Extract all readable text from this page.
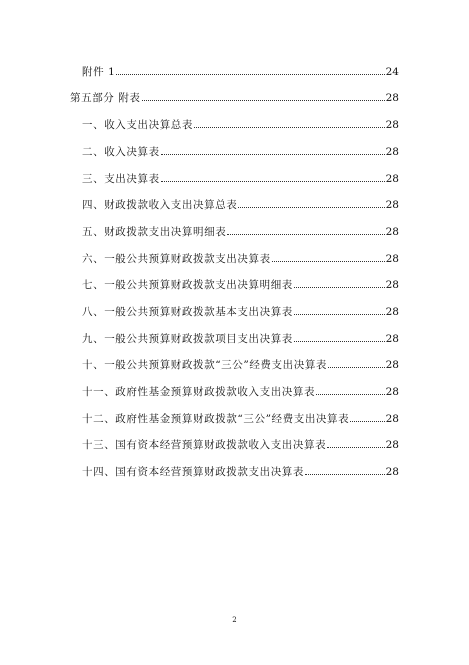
附件 1	24
第五部分 附表	28
一、收入支出决算总表	28
二、收入决算表	28
三、支出决算表	28
四、财政拨款收入支出决算总表	28
五、财政拨款支出决算明细表	28
六、一般公共预算财政拨款支出决算表	28
七、一般公共预算财政拨款支出决算明细表	28
八、一般公共预算财政拨款基本支出决算表	28
九、一般公共预算财政拨款项目支出决算表	28
十、一般公共预算财政拨款“三公”经费支出决算表	28
十一、政府性基金预算财政拨款收入支出决算表	28
十二、政府性基金预算财政拨款“三公”经费支出决算表	28
十三、国有资本经营预算财政拨款收入支出决算表	28
十四、国有资本经营预算财政拨款支出决算表	28
2
